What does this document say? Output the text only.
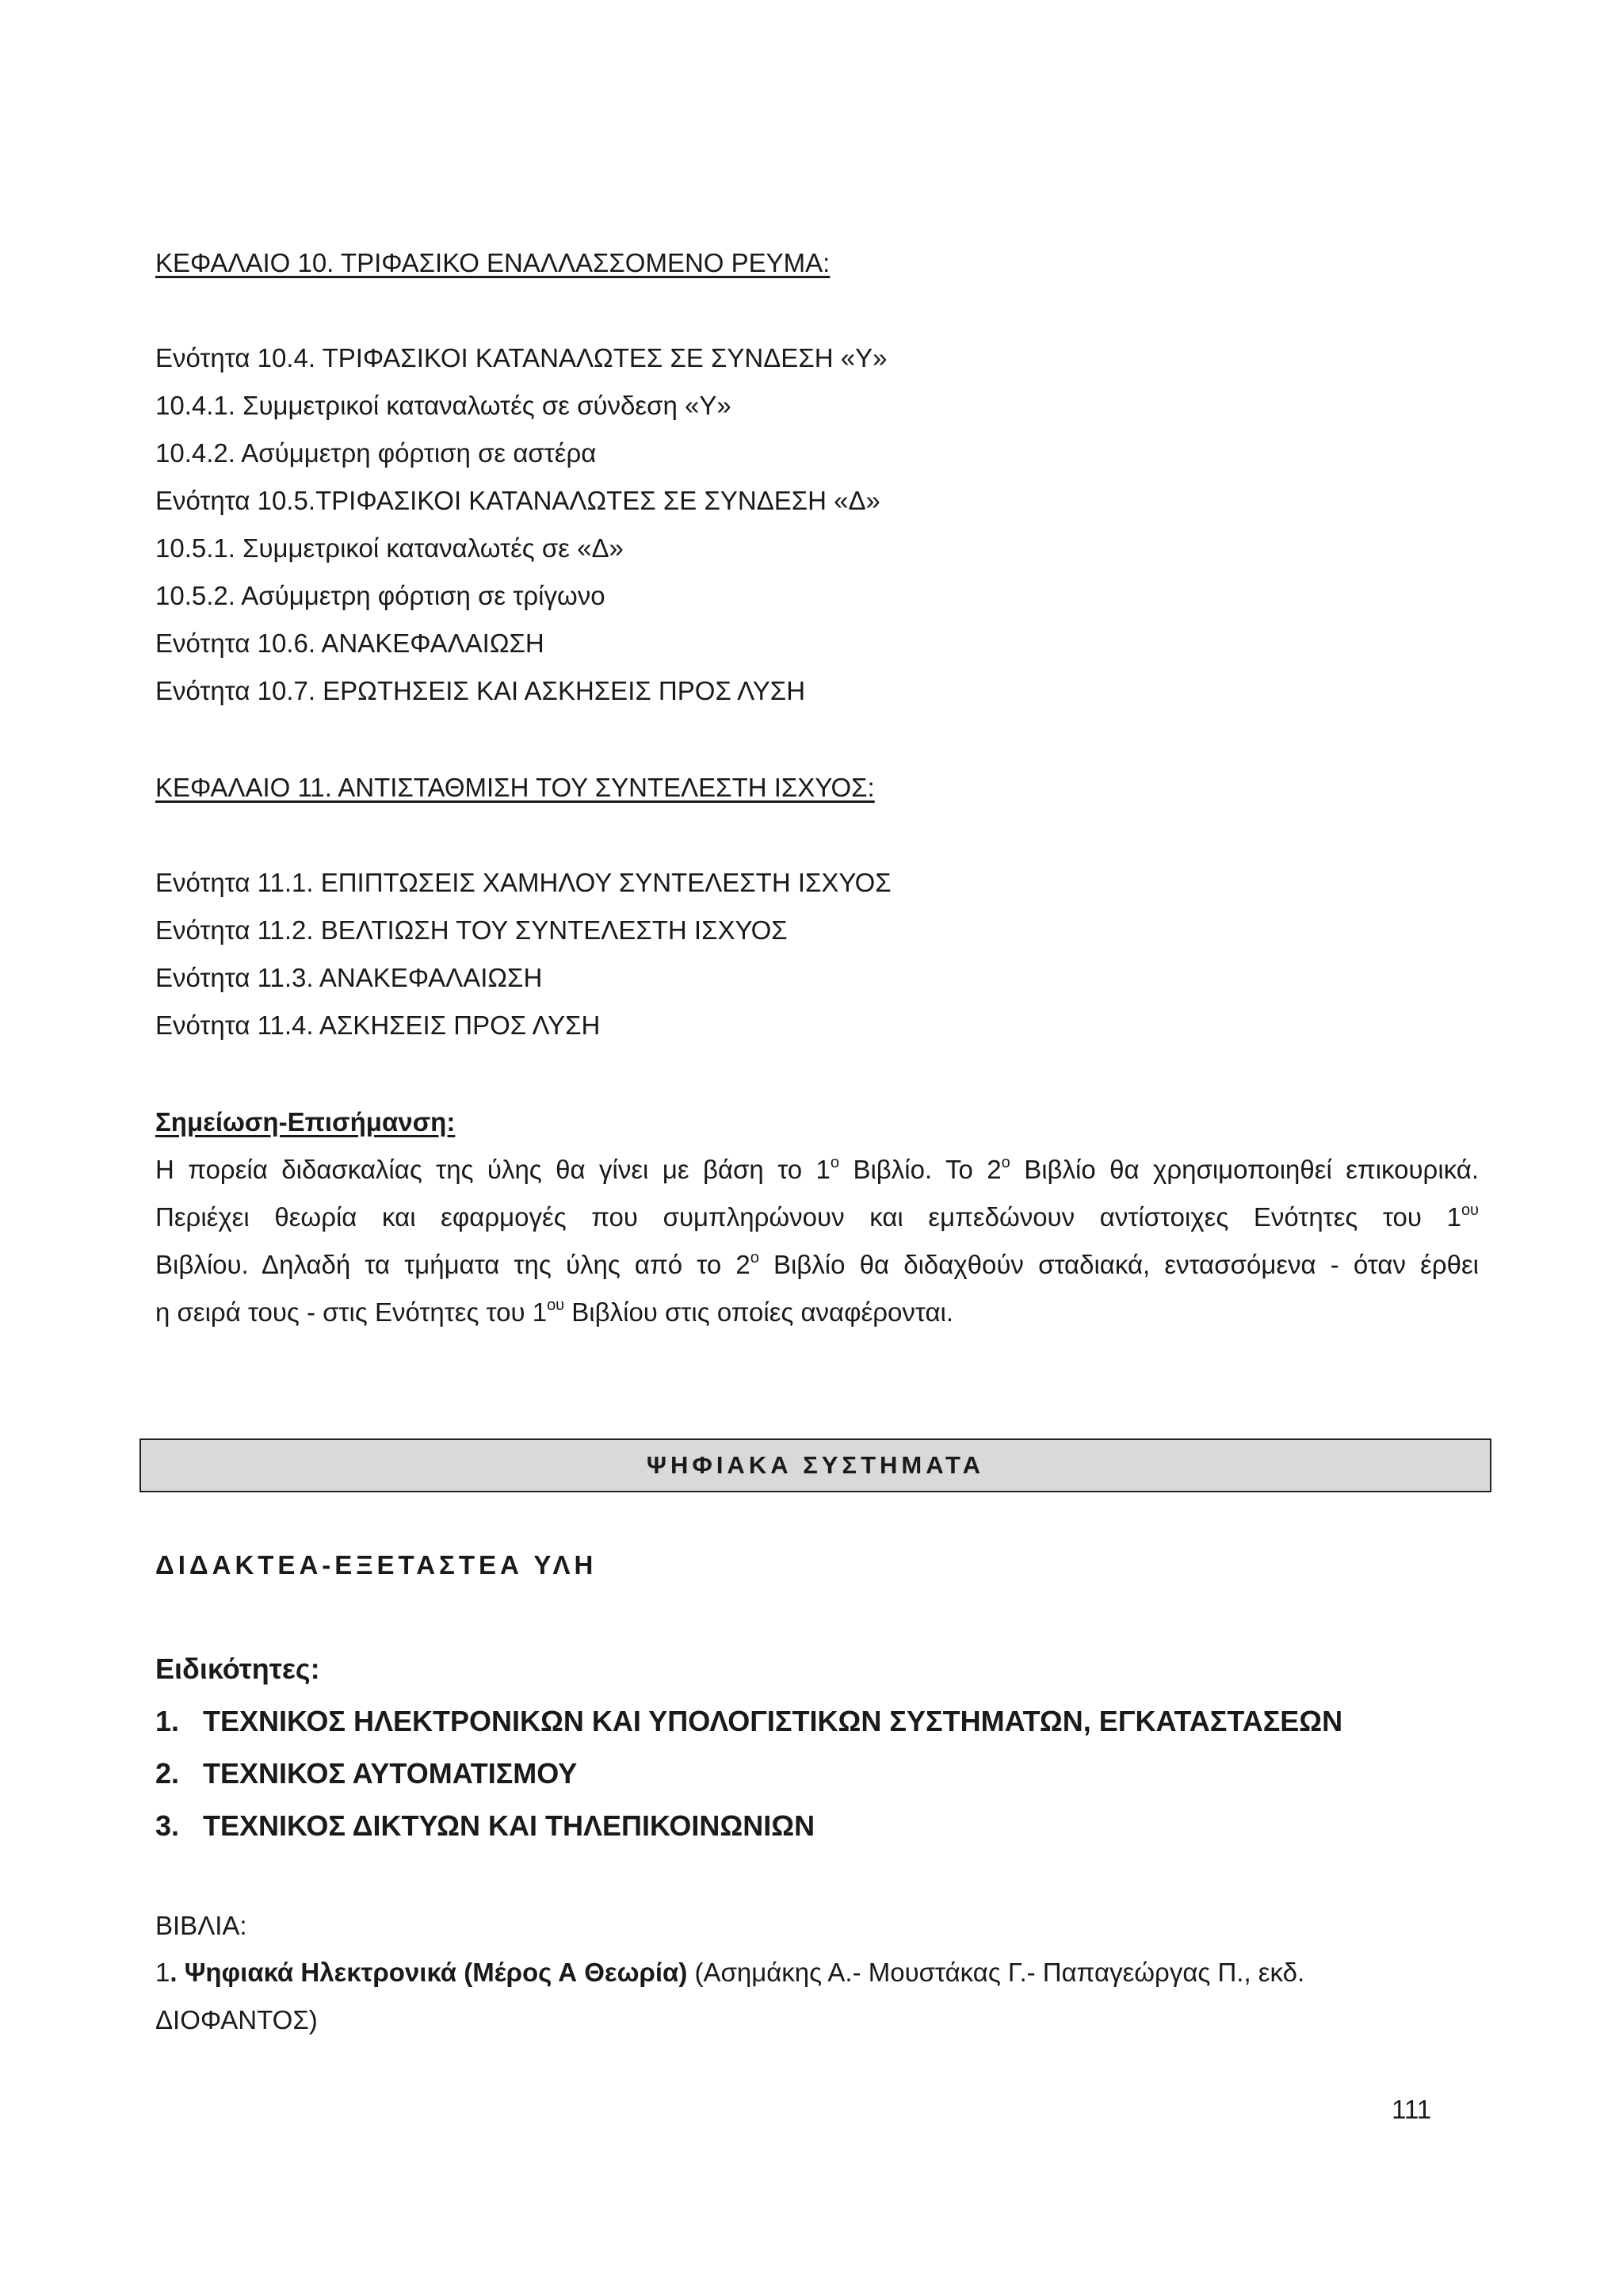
ΚΕΦΑΛΑΙΟ 10. ΤΡΙΦΑΣΙΚΟ ΕΝΑΛΛΑΣΣΟΜΕΝΟ ΡΕΥΜΑ:
Ενότητα 10.4. ΤΡΙΦΑΣΙΚΟΙ ΚΑΤΑΝΑΛΩΤΕΣ ΣΕ ΣΥΝΔΕΣΗ «Υ»
10.4.1. Συμμετρικοί καταναλωτές σε σύνδεση «Υ»
10.4.2. Ασύμμετρη φόρτιση σε αστέρα
Ενότητα 10.5.ΤΡΙΦΑΣΙΚΟΙ ΚΑΤΑΝΑΛΩΤΕΣ ΣΕ ΣΥΝΔΕΣΗ «Δ»
10.5.1. Συμμετρικοί καταναλωτές σε «Δ»
10.5.2. Ασύμμετρη φόρτιση σε τρίγωνο
Ενότητα 10.6. ΑΝΑΚΕΦΑΛΑΙΩΣΗ
Ενότητα 10.7. ΕΡΩΤΗΣΕΙΣ ΚΑΙ ΑΣΚΗΣΕΙΣ ΠΡΟΣ ΛΥΣΗ
ΚΕΦΑΛΑΙΟ 11. ΑΝΤΙΣΤΑΘΜΙΣΗ ΤΟΥ ΣΥΝΤΕΛΕΣΤΗ ΙΣΧΥΟΣ:
Ενότητα 11.1. ΕΠΙΠΤΩΣΕΙΣ ΧΑΜΗΛΟΥ ΣΥΝΤΕΛΕΣΤΗ ΙΣΧΥΟΣ
Ενότητα 11.2. ΒΕΛΤΙΩΣΗ ΤΟΥ ΣΥΝΤΕΛΕΣΤΗ ΙΣΧΥΟΣ
Ενότητα 11.3. ΑΝΑΚΕΦΑΛΑΙΩΣΗ
Ενότητα 11.4. ΑΣΚΗΣΕΙΣ ΠΡΟΣ ΛΥΣΗ
Σημείωση-Επισήμανση:
Η πορεία διδασκαλίας της ύλης θα γίνει με βάση το $1^o$ Βιβλίο. Το $2^o$ Βιβλίο θα χρησιμοποιηθεί επικουρικά.
Περιέχει θεωρία και εφαρμογές που συμπληρώνουν και εμπεδώνουν αντίστοιχες Ενότητες του $1^{o\upsilon}$
Βιβλίου. Δηλαδή τα τμήματα της ύλης από το $2^o$ Βιβλίο θα διδαχθούν σταδιακά, εντασσόμενα - όταν έρθει
η σειρά τους - στις Ενότητες του $1^{o\upsilon}$ Βιβλίου στις οποίες αναφέρονται.
ΨΗΦΙΑΚΑ ΣΥΣΤΗΜΑΤΑ
ΔΙΔΑΚΤΕΑ-ΕΞΕΤΑΣΤΕΑ ΥΛΗ
Ειδικότητες:
1. ΤΕΧΝΙΚΟΣ ΗΛΕΚΤΡΟΝΙΚΩΝ ΚΑΙ ΥΠΟΛΟΓΙΣΤΙΚΩΝ ΣΥΣΤΗΜΑΤΩΝ, ΕΓΚΑΤΑΣΤΑΣΕΩΝ
2. ΤΕΧΝΙΚΟΣ ΑΥΤΟΜΑΤΙΣΜΟΥ
3. ΤΕΧΝΙΚΟΣ ΔΙΚΤΥΩΝ ΚΑΙ ΤΗΛΕΠΙΚΟΙΝΩΝΙΩΝ
ΒΙΒΛΙΑ:
1. Ψηφιακά Ηλεκτρονικά (Μέρος Α Θεωρία) (Ασημάκης Α.- Μουστάκας Γ.- Παπαγεώργας Π., εκδ.
ΔΙΟΦΑΝΤΟΣ)
111
